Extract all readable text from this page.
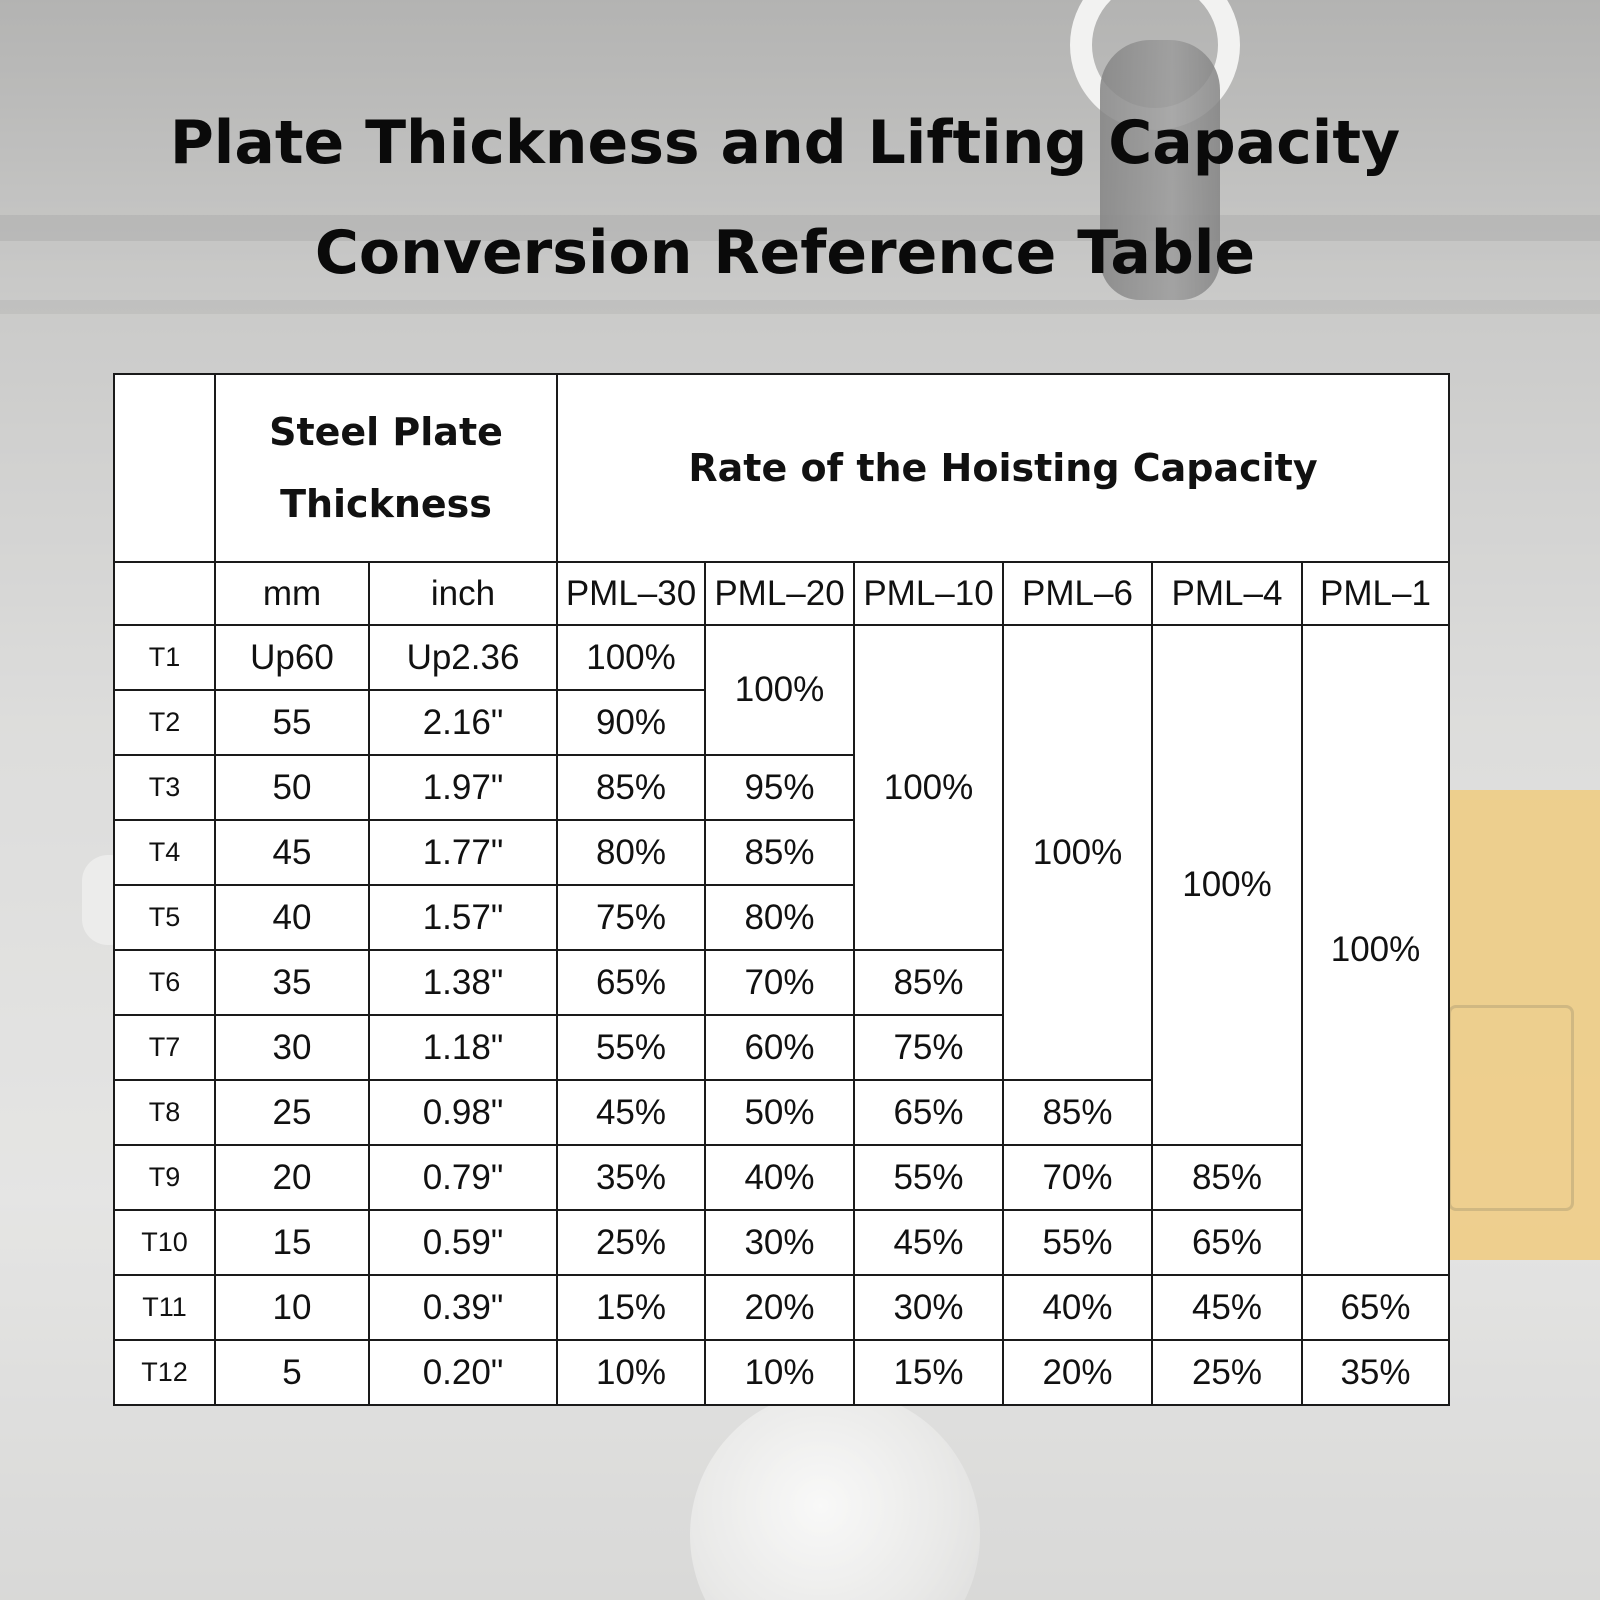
Plate Thickness and Lifting Capacity
Conversion Reference Table

	Steel Plate Thickness		Rate of the Hoisting Capacity					
	mm	inch	PML–30	PML–20	PML–10	PML–6	PML–4	PML–1
T1	Up60	Up2.36	100%	100%	100%	100%	100%	100%
T2	55	2.16"	90%					
T3	50	1.97"	85%	95%				
T4	45	1.77"	80%	85%				
T5	40	1.57"	75%	80%				
T6	35	1.38"	65%	70%	85%			
T7	30	1.18"	55%	60%	75%			
T8	25	0.98"	45%	50%	65%	85%		
T9	20	0.79"	35%	40%	55%	70%	85%	
T10	15	0.59"	25%	30%	45%	55%	65%	
T11	10	0.39"	15%	20%	30%	40%	45%	65%
T12	5	0.20"	10%	10%	15%	20%	25%	35%
